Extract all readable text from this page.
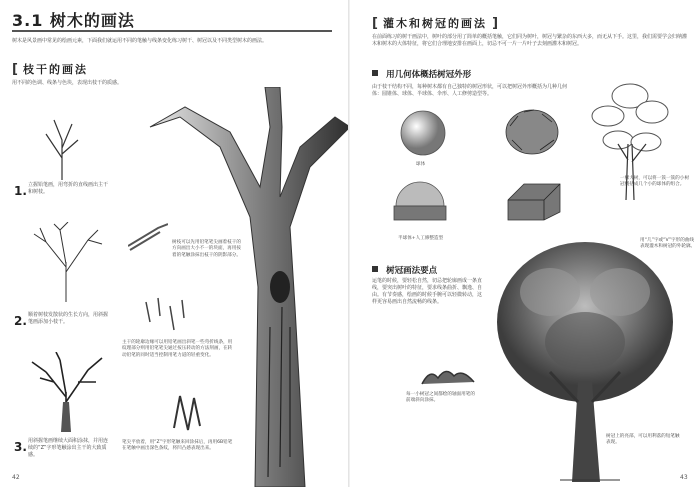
3.1 树木的画法
树木是风景画中常见的绘画元素，下面我们就运用不同的笔触与线条变化练习树干、树冠以及不同类型树木的画法。
[ 枝干的画法
用不同的色调、线条与色块，表现出枝干的质感。
1. 立握铅笔画，用弯折的直线画出主干和树枝。
2. 顺着树枝发散状的生长方向，用斜握笔画添加小枝干。
3. 用斜握笔画继续大面积涂抹，并用连续的“Z”字形笔触涂出主干的大致质感。
树枝可以先用铅笔笔尖画着枝干的方向画出大小不一的块面，再用按着的笔触涂抹出枝干的阴影部分。
主干的轮廓边缘可以用铅笔画出斜笔一些弯折线条，用纹理部分则用铅笔笔尖通过按压转动的方法刻画，在转动铅笔的同时适当控制用笔力道的轻重变化。
笔尖平放着，用“Z”字形笔触来回涂抹后，再用6B铅笔在笔触中画出深色条纹，将凹凸感表现出来。
42
[ 灌木和树冠的画法 ]
在前面练习的树干画法中，树叶的部分用了简单的概括笔触，它们同为树叶，树冠与繁杂的东西大多，而无从下手。这里，我们需要学会归纳灌木和树木的大体特征，将它们合理地安排在画面上，切忌不可一片一片叶子去刻画灌木和树冠。
用几何体概括树冠外形
由于枝干结构不同，每种树木都有自己独特的树冠形状，可以把树冠外形概括为几种几何体：圆锥体、球体、半球体、伞形、人工修剪造型等。
球体
半球体+人工修整造型
一棵大树，可以将一簇一簇的小树冠概括成几个小的球体的组合。
树冠画法要点
运笔的时候，要轻松自然，切忌把轮廓画成一条直线，要突出树叶的特征，要求线条曲折、飘逸、自由。有节奏感，绘画的时候手腕可以轻微转动，这样更容易画出自然流畅的线条。
每一小树冠之间都绘的轴面用笔的前端斜向涂抹。
用“几”字或“V”字形的曲线表现灌木和树冠的外轮廓。
树冠上的亮部，可以用利落的短笔触表现。
43
